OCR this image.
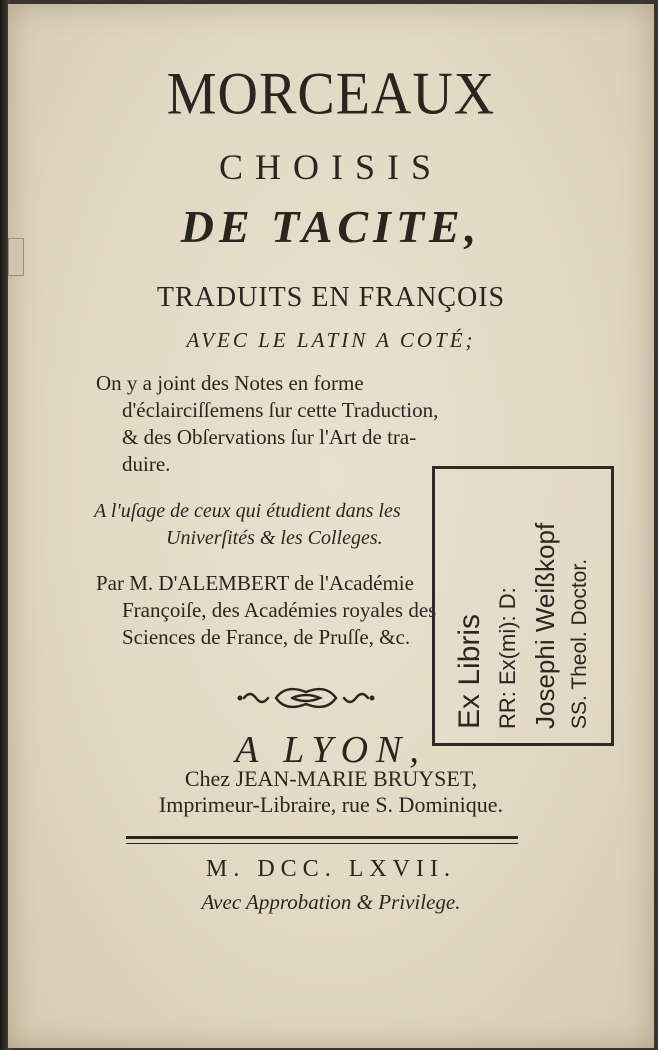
MORCEAUX
CHOISIS
DE TACITE,
TRADUITS EN FRANÇOIS
AVEC LE LATIN A COTÉ;
On y a joint des Notes en forme
d'éclairciſſemens ſur cette Traduction,
& des Obſervations ſur l'Art de tra-
duire.
A l'uſage de ceux qui étudient dans les
Univerſités & les Colleges.
Par M. D'ALEMBERT de l'Académie
Françoiſe, des Académies royales des
Sciences de France, de Pruſſe, &c.
A LYON,
Chez JEAN-MARIE BRUYSET,
Imprimeur-Libraire, rue S. Dominique.
M. DCC. LXVII.
Avec Approbation & Privilege.
Ex Libris RR: Ex(mi): D: Josephi Weißkopf SS. Theol. Doctor.
